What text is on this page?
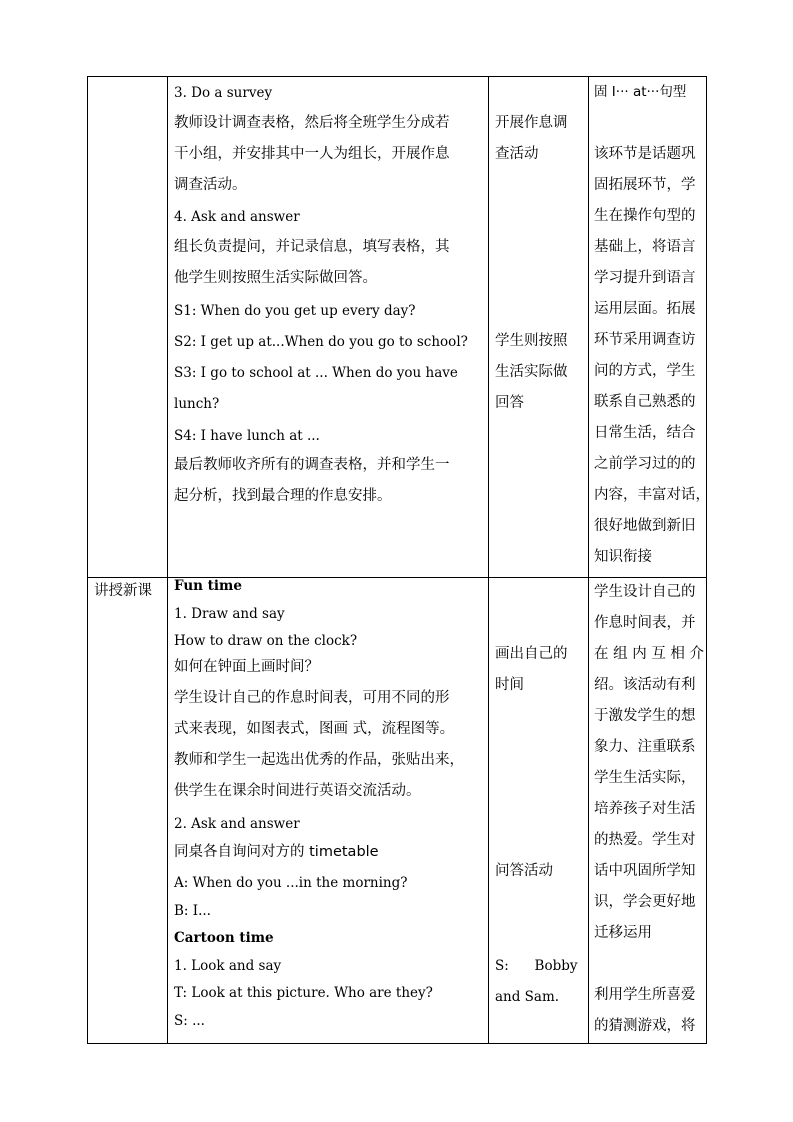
3. Do a survey
教师设计调查表格，然后将全班学生分成若
干小组，并安排其中一人为组长，开展作息
调查活动。
4. Ask and answer
组长负责提问，并记录信息，填写表格，其
他学生则按照生活实际做回答。
S1: When do you get up every day?
S2: I get up at...When do you go to school?
S3: I go to school at ... When do you have
lunch?
S4: I have lunch at ...
最后教师收齐所有的调查表格，并和学生一
起分析，找到最合理的作息安排。
开展作息调
查活动
学生则按照
生活实际做
回答
固 I··· at···句型
该环节是话题巩
固拓展环节，学
生在操作句型的
基础上，将语言
学习提升到语言
运用层面。拓展
环节采用调查访
问的方式，学生
联系自己熟悉的
日常生活，结合
之前学习过的的
内容，丰富对话，
很好地做到新旧
知识衔接
讲授新课 Fun time
1. Draw and say
How to draw on the clock?
如何在钟面上画时间？
学生设计自己的作息时间表，可用不同的形
式来表现，如图表式，图画 式，流程图等。
教师和学生一起选出优秀的作品，张贴出来，
供学生在课余时间进行英语交流活动。
2. Ask and answer
同桌各自询问对方的 timetable
A: When do you ...in the morning?
B: I...
Cartoon time
1. Look and say
T: Look at this picture. Who are they?
S: ...
画出自己的
时间
问答活动
S:      Bobby
and Sam.
学生设计自己的
作息时间表，并
在 组 内 互 相 介
绍。该活动有利
于激发学生的想
象力、注重联系
学生生活实际，
培养孩子对生活
的热爱。学生对
话中巩固所学知
识，学会更好地
迁移运用
利用学生所喜爱
的猜测游戏，将
